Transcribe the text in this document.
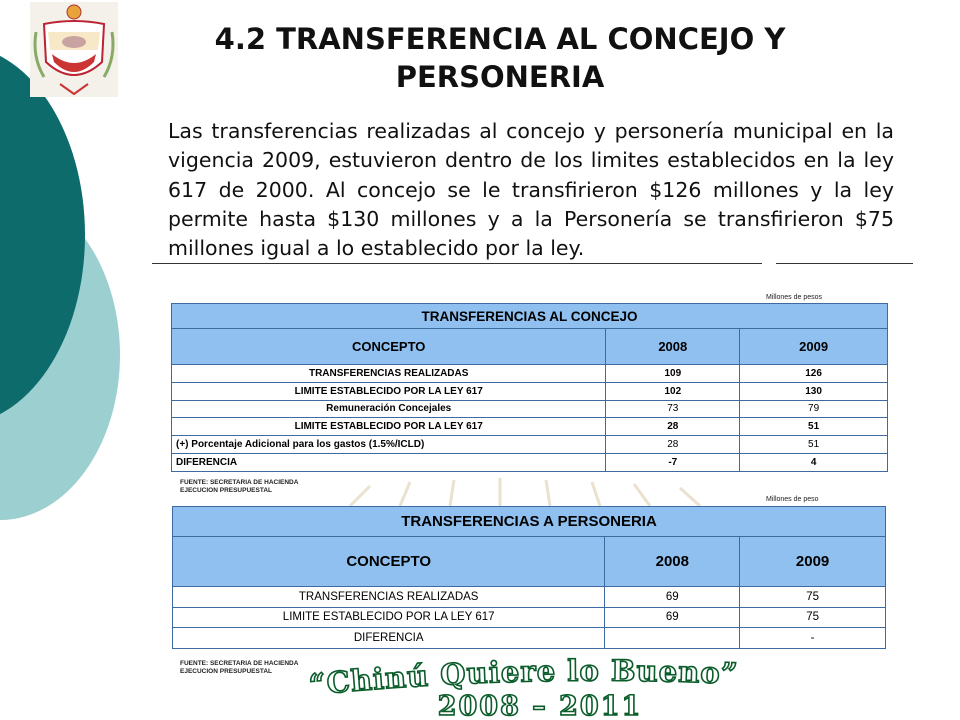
4.2 TRANSFERENCIA AL CONCEJO Y PERSONERIA

Las transferencias realizadas al concejo y personería municipal en la vigencia 2009, estuvieron dentro de los limites establecidos en la ley 617 de 2000. Al concejo se le transfirieron $126 millones y la ley permite hasta $130 millones y a la Personería se transfirieron $75 millones igual a lo establecido por la ley.

Millones de pesos
TRANSFERENCIAS AL CONCEJO		
CONCEPTO	2008	2009
TRANSFERENCIAS REALIZADAS	109	126
LIMITE ESTABLECIDO POR LA LEY 617	102	130
Remuneración Concejales	73	79
LIMITE ESTABLECIDO POR LA LEY 617	28	51
(+) Porcentaje Adicional para los gastos (1.5%/ICLD)	28	51
DIFERENCIA	-7	4
FUENTE: SECRETARIA DE HACIENDA
EJECUCION PRESUPUESTAL
Millones de peso
TRANSFERENCIAS A PERSONERIA		
CONCEPTO	2008	2009
TRANSFERENCIAS REALIZADAS	69	75
LIMITE ESTABLECIDO POR LA LEY 617	69	75
DIFERENCIA		-
FUENTE: SECRETARIA DE HACIENDA
EJECUCION PRESUPUESTAL	“Chinú Quiere lo Bueno”
2008 – 2011
